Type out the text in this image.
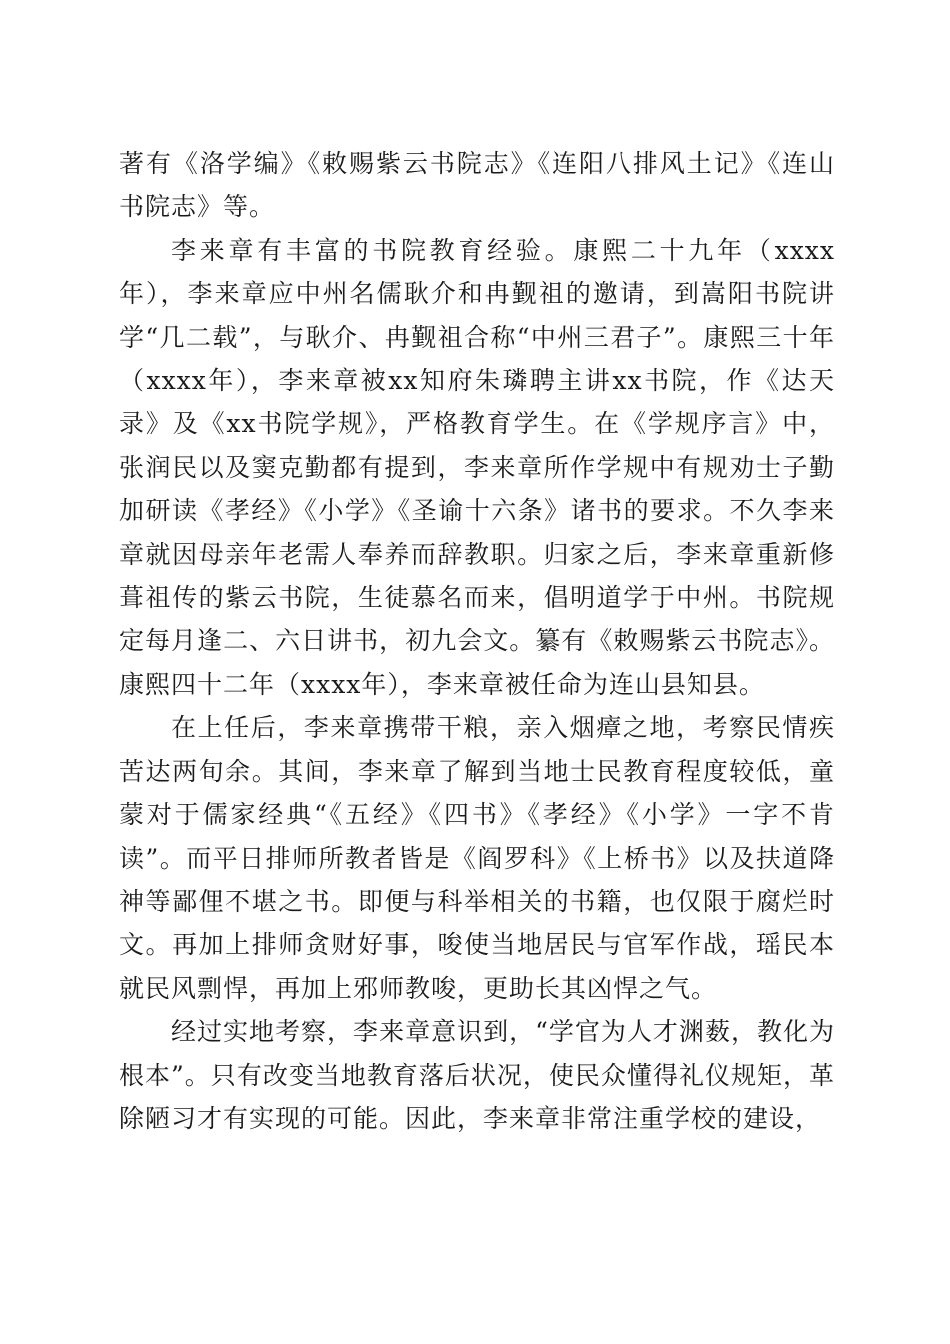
著有《洛学编》《敕赐紫云书院志》《连阳八排风土记》《连山书院志》等。

李来章有丰富的书院教育经验。康熙二十九年（xxxx年），李来章应中州名儒耿介和冉觐祖的邀请，到嵩阳书院讲学“几二载”，与耿介、冉觐祖合称“中州三君子”。康熙三十年（xxxx年），李来章被xx知府朱璘聘主讲xx书院，作《达天录》及《xx书院学规》，严格教育学生。在《学规序言》中，张润民以及窦克勤都有提到，李来章所作学规中有规劝士子勤加研读《孝经》《小学》《圣谕十六条》诸书的要求。不久李来章就因母亲年老需人奉养而辞教职。归家之后，李来章重新修葺祖传的紫云书院，生徒慕名而来，倡明道学于中州。书院规定每月逢二、六日讲书，初九会文。纂有《敕赐紫云书院志》。康熙四十二年（xxxx年），李来章被任命为连山县知县。

在上任后，李来章携带干粮，亲入烟瘴之地，考察民情疾苦达两旬余。其间，李来章了解到当地士民教育程度较低，童蒙对于儒家经典“《五经》《四书》《孝经》《小学》一字不肯读”。而平日排师所教者皆是《阎罗科》《上桥书》以及扶道降神等鄙俚不堪之书。即便与科举相关的书籍，也仅限于腐烂时文。再加上排师贪财好事，唆使当地居民与官军作战，瑶民本就民风剽悍，再加上邪师教唆，更助长其凶悍之气。

经过实地考察，李来章意识到，“学官为人才渊薮，教化为根本”。只有改变当地教育落后状况，使民众懂得礼仪规矩，革除陋习才有实现的可能。因此，李来章非常注重学校的建设，
